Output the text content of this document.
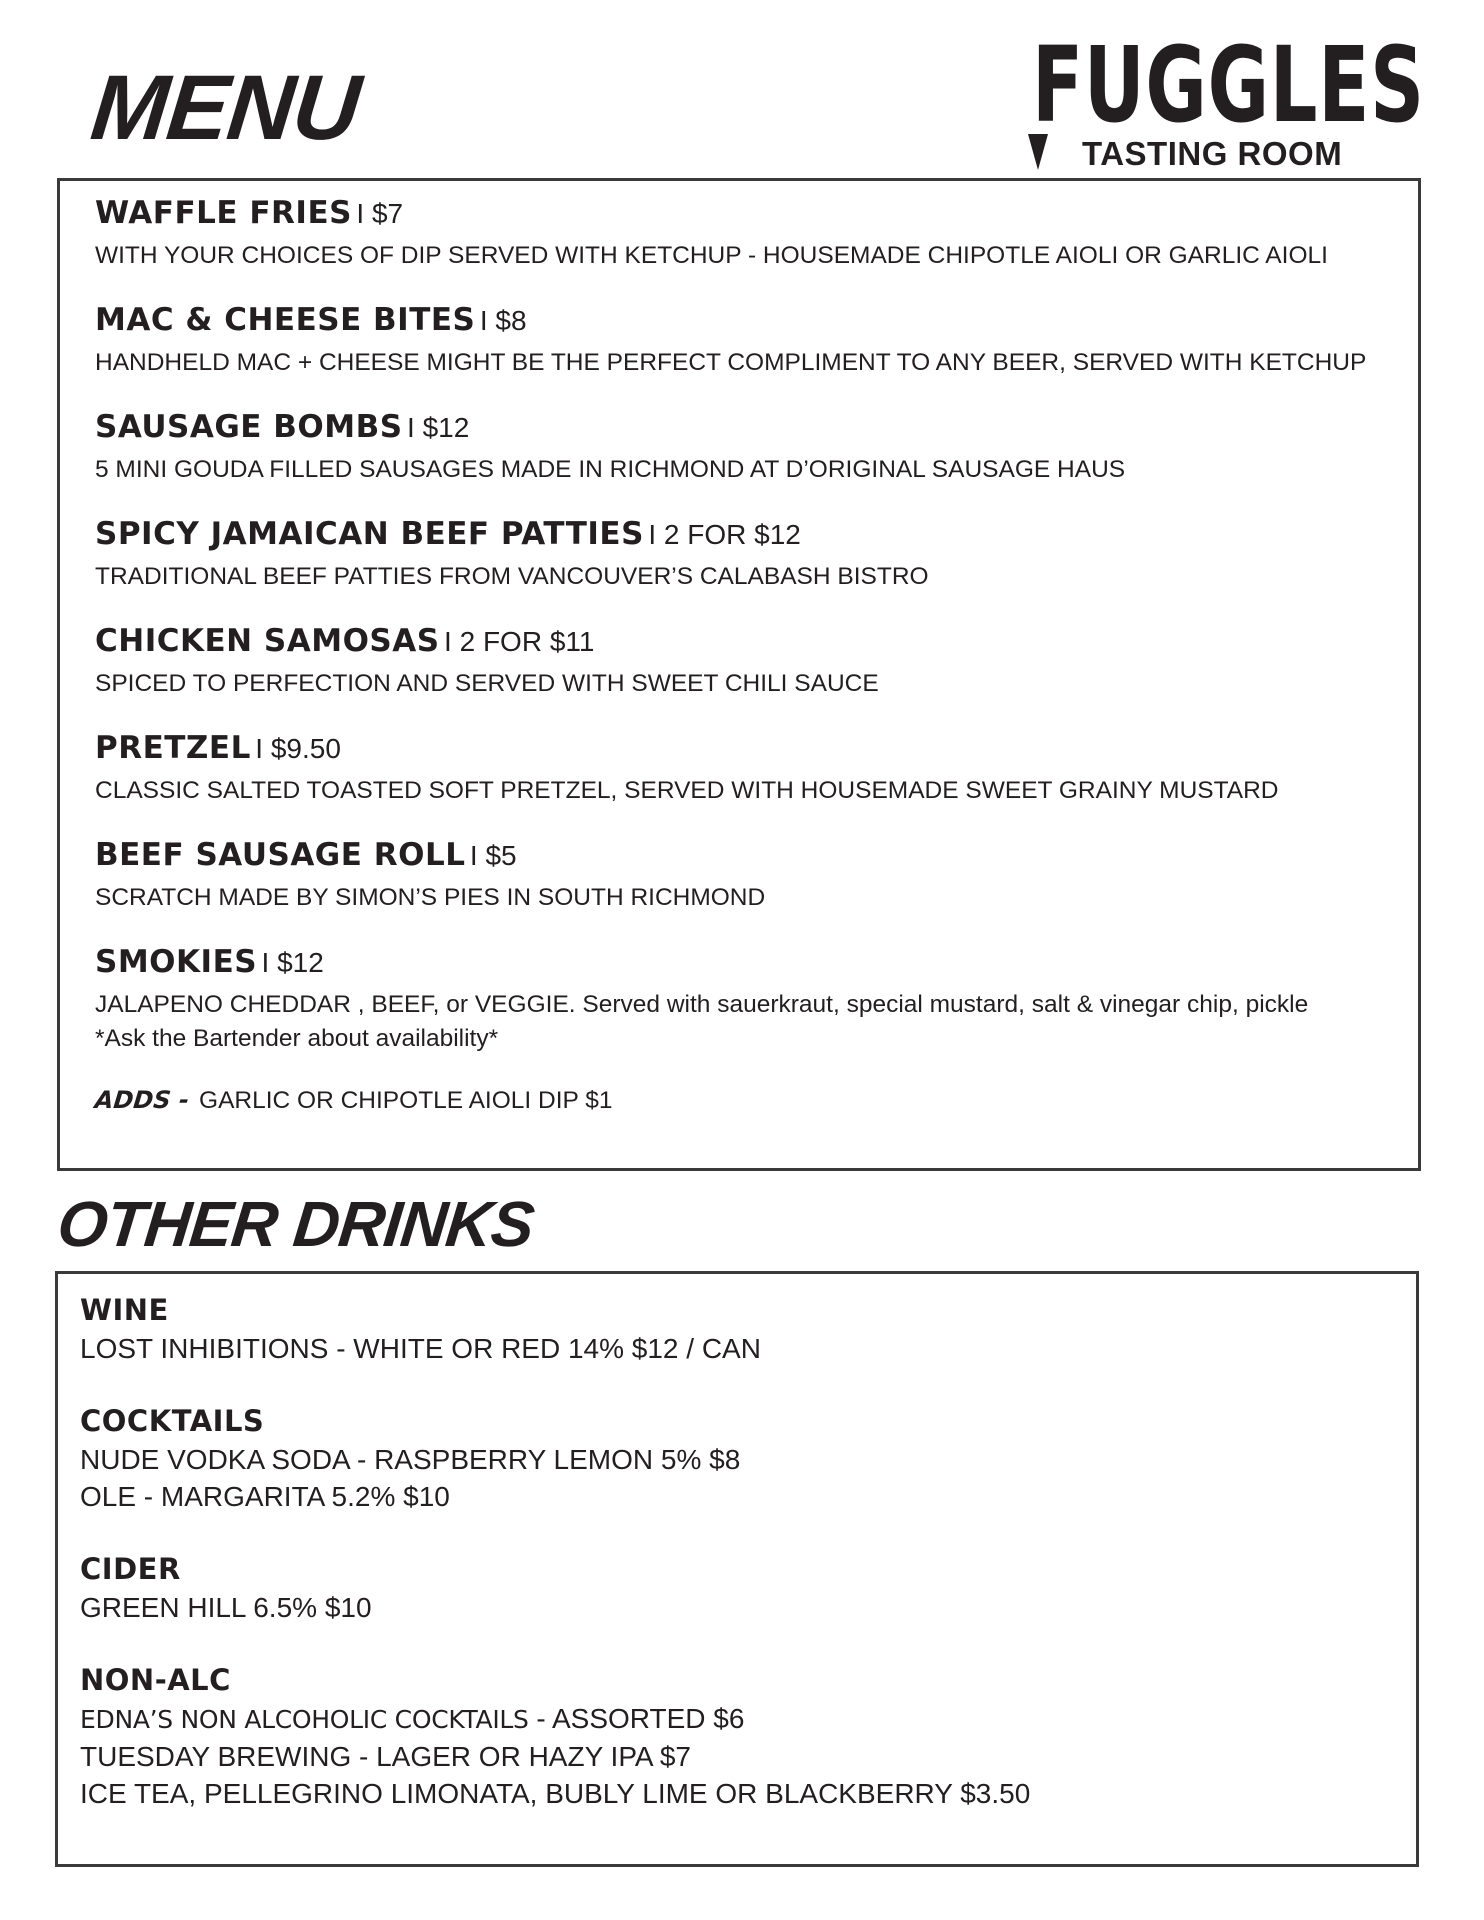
MENU	FUGGLES
TASTING ROOM
WAFFLE FRIES I $7
WITH YOUR CHOICES OF DIP SERVED WITH KETCHUP - HOUSEMADE CHIPOTLE AIOLI OR GARLIC AIOLI
MAC & CHEESE BITES I $8
HANDHELD MAC + CHEESE MIGHT BE THE PERFECT COMPLIMENT TO ANY BEER, SERVED WITH KETCHUP
SAUSAGE BOMBS I $12
5 MINI GOUDA FILLED SAUSAGES MADE IN RICHMOND AT D’ORIGINAL SAUSAGE HAUS
SPICY JAMAICAN BEEF PATTIES I 2 FOR $12
TRADITIONAL BEEF PATTIES FROM VANCOUVER’S CALABASH BISTRO
CHICKEN SAMOSAS I 2 FOR $11
SPICED TO PERFECTION AND SERVED WITH SWEET CHILI SAUCE
PRETZEL I $9.50
CLASSIC SALTED TOASTED SOFT PRETZEL, SERVED WITH HOUSEMADE SWEET GRAINY MUSTARD
BEEF SAUSAGE ROLL I $5
SCRATCH MADE BY SIMON’S PIES IN SOUTH RICHMOND
SMOKIES I $12
JALAPENO CHEDDAR , BEEF, or VEGGIE. Served with sauerkraut, special mustard, salt & vinegar chip, pickle
*Ask the Bartender about availability*
ADDS - GARLIC OR CHIPOTLE AIOLI DIP $1
OTHER DRINKS
WINE
LOST INHIBITIONS - WHITE OR RED 14% $12 / CAN
COCKTAILS
NUDE VODKA SODA - RASPBERRY LEMON 5% $8
OLE - MARGARITA 5.2% $10
CIDER
GREEN HILL 6.5% $10
NON-ALC
EDNA’S NON ALCOHOLIC COCKTAILS - ASSORTED $6
TUESDAY BREWING - LAGER OR HAZY IPA $7
ICE TEA, PELLEGRINO LIMONATA, BUBLY LIME OR BLACKBERRY $3.50
